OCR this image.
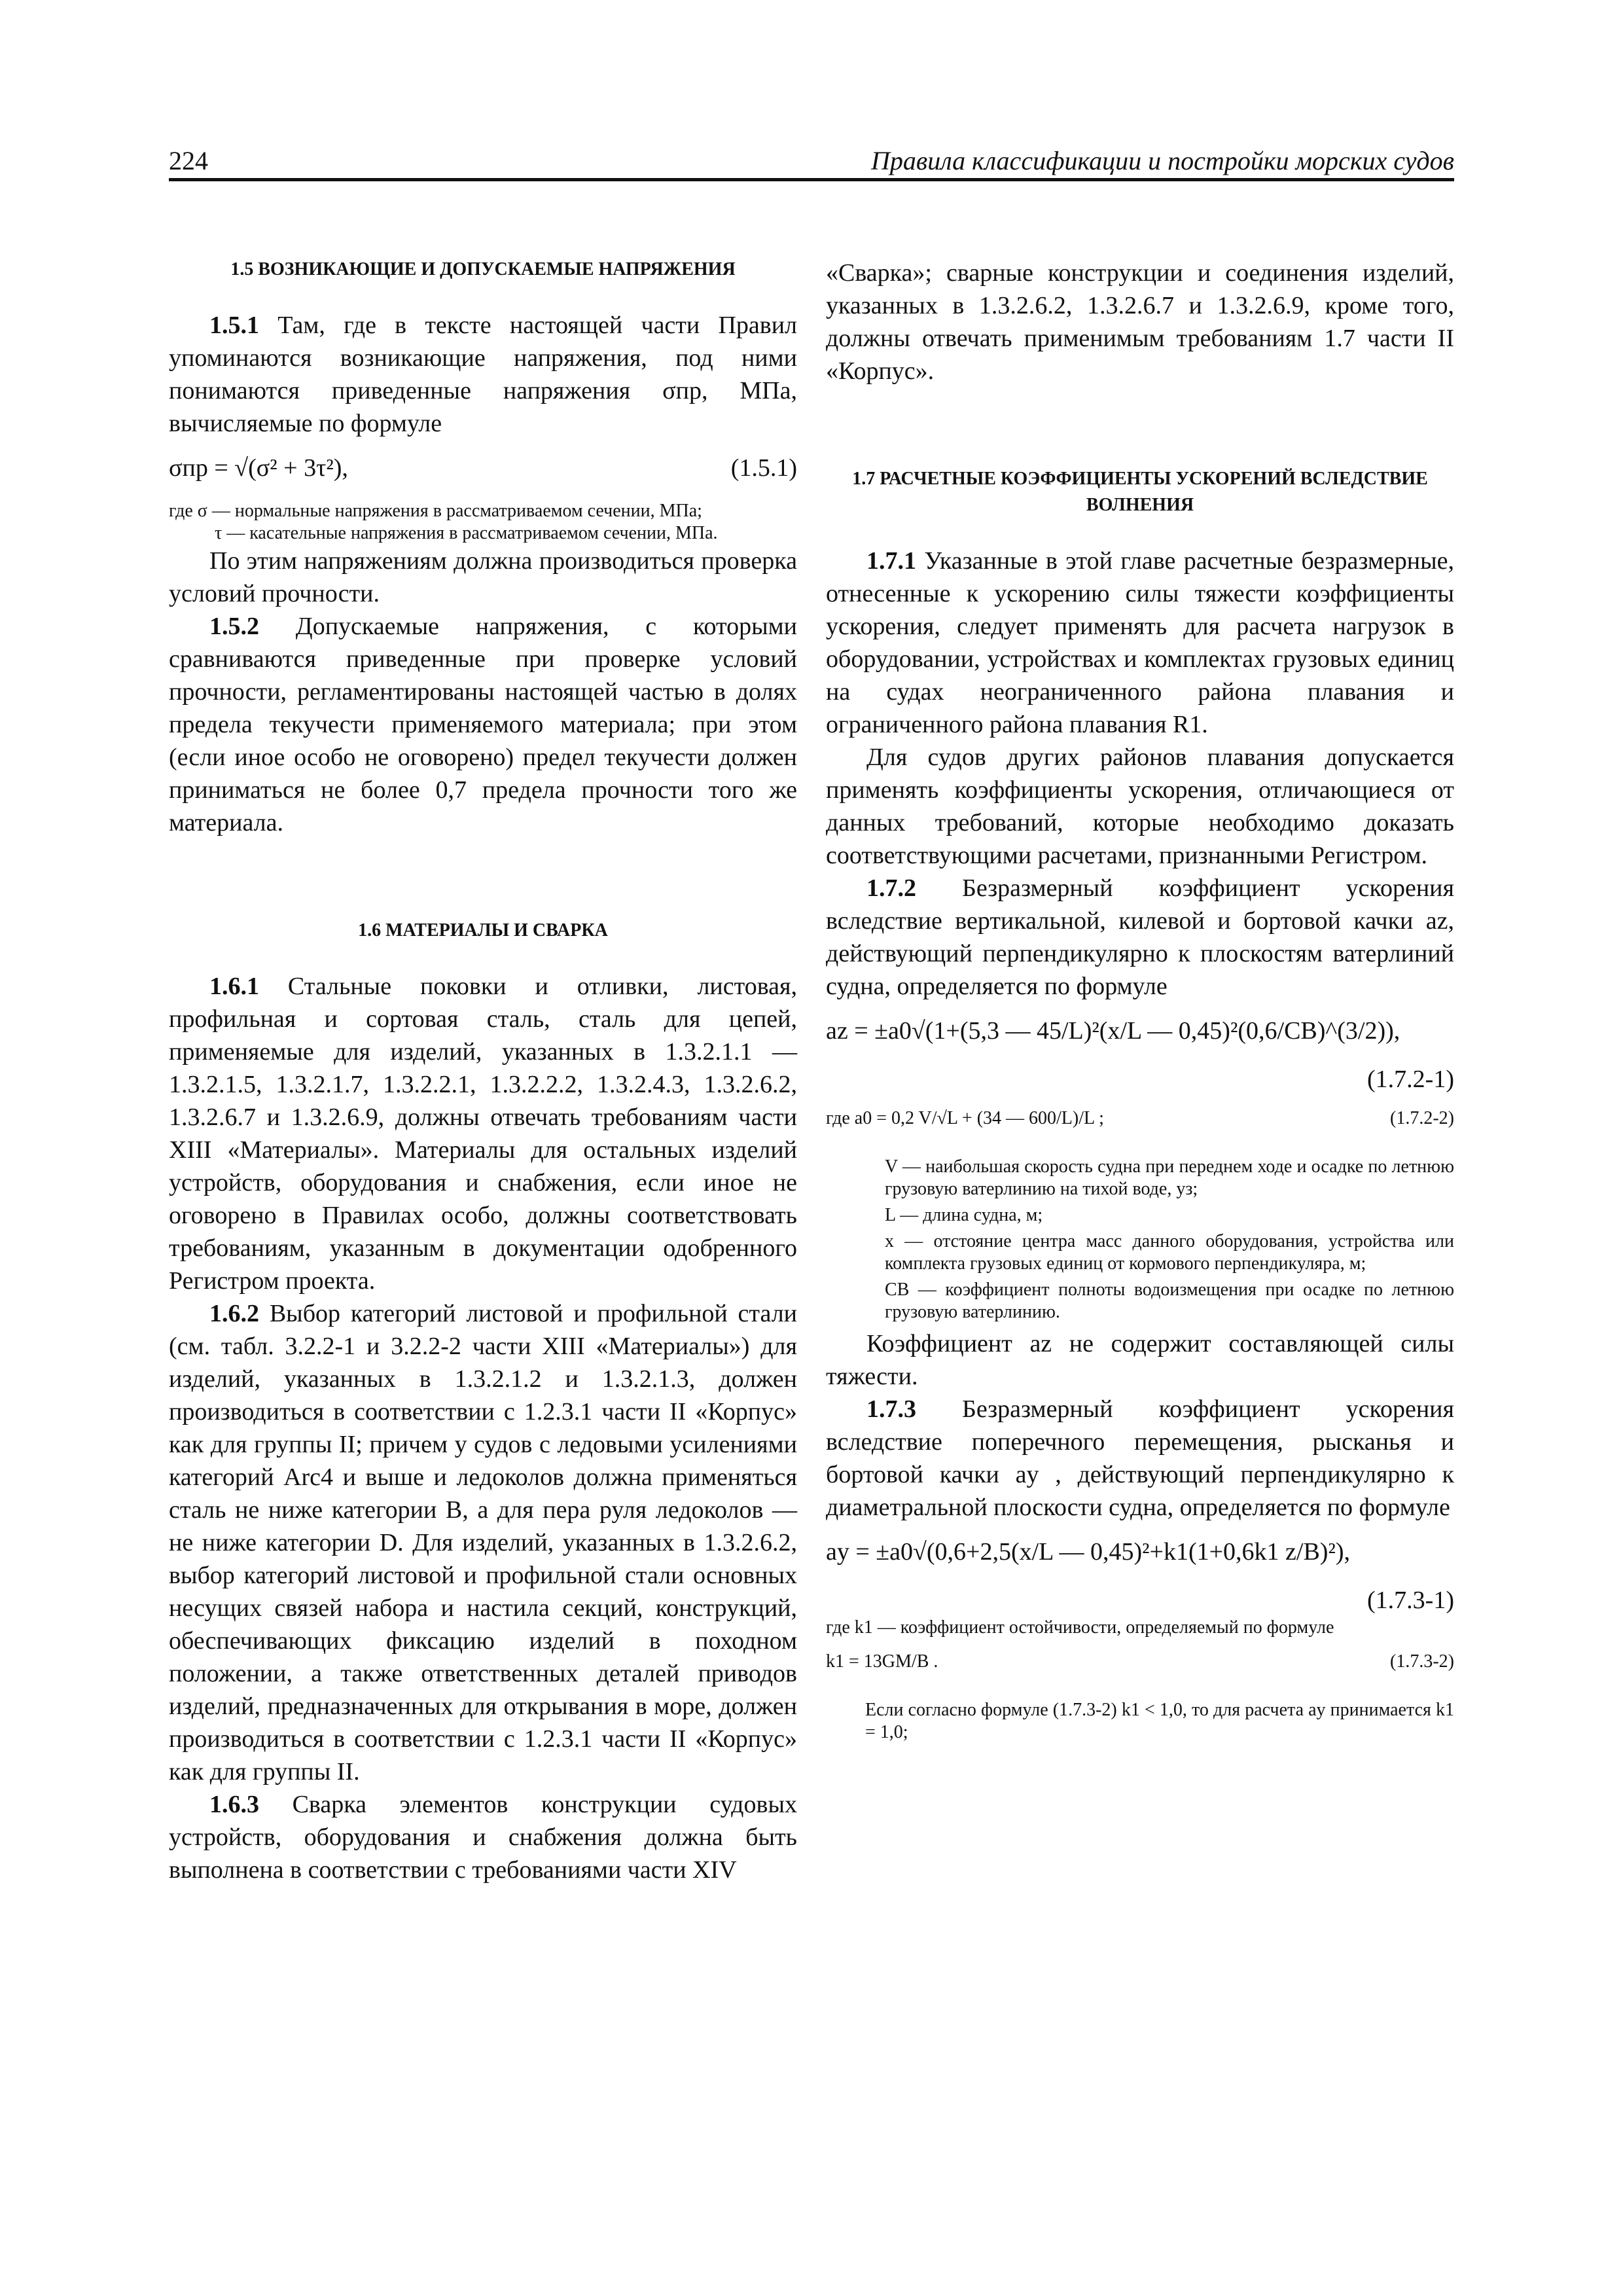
224	Правила классификации и постройки морских судов
1.5 ВОЗНИКАЮЩИЕ И ДОПУСКАЕМЫЕ НАПРЯЖЕНИЯ

1.5.1 Там, где в тексте настоящей части Правил упоминаются возникающие напряжения, под ними понимаются приведенные напряжения σпр, МПа, вычисляемые по формуле

σпр = √(σ² + 3τ²),	(1.5.1)
где σ — нормальные напряжения в рассматриваемом сечении, МПа;
τ — касательные напряжения в рассматриваемом сечении, МПа.

По этим напряжениям должна производиться проверка условий прочности.

1.5.2 Допускаемые напряжения, с которыми сравниваются приведенные при проверке условий прочности, регламентированы настоящей частью в долях предела текучести применяемого материала; при этом (если иное особо не оговорено) предел текучести должен приниматься не более 0,7 предела прочности того же материала.

1.6 МАТЕРИАЛЫ И СВАРКА

1.6.1 Стальные поковки и отливки, листовая, профильная и сортовая сталь, сталь для цепей, применяемые для изделий, указанных в 1.3.2.1.1 — 1.3.2.1.5, 1.3.2.1.7, 1.3.2.2.1, 1.3.2.2.2, 1.3.2.4.3, 1.3.2.6.2, 1.3.2.6.7 и 1.3.2.6.9, должны отвечать требованиям части XIII «Материалы». Материалы для остальных изделий устройств, оборудования и снабжения, если иное не оговорено в Правилах особо, должны соответствовать требованиям, указанным в документации одобренного Регистром проекта.

1.6.2 Выбор категорий листовой и профильной стали (см. табл. 3.2.2-1 и 3.2.2-2 части XIII «Материалы») для изделий, указанных в 1.3.2.1.2 и 1.3.2.1.3, должен производиться в соответствии с 1.2.3.1 части II «Корпус» как для группы II; причем у судов с ледовыми усилениями категорий Arc4 и выше и ледоколов должна применяться сталь не ниже категории В, а для пера руля ледоколов — не ниже категории D. Для изделий, указанных в 1.3.2.6.2, выбор категорий листовой и профильной стали основных несущих связей набора и настила секций, конструкций, обеспечивающих фиксацию изделий в походном положении, а также ответственных деталей приводов изделий, предназначенных для открывания в море, должен производиться в соответствии с 1.2.3.1 части II «Корпус» как для группы II.

1.6.3 Сварка элементов конструкции судовых устройств, оборудования и снабжения должна быть выполнена в соответствии с требованиями части XIV

«Сварка»; сварные конструкции и соединения изделий, указанных в 1.3.2.6.2, 1.3.2.6.7 и 1.3.2.6.9, кроме того, должны отвечать применимым требованиям 1.7 части II «Корпус».

1.7 РАСЧЕТНЫЕ КОЭФФИЦИЕНТЫ УСКОРЕНИЙ ВСЛЕДСТВИЕ ВОЛНЕНИЯ

1.7.1 Указанные в этой главе расчетные безразмерные, отнесенные к ускорению силы тяжести коэффициенты ускорения, следует применять для расчета нагрузок в оборудовании, устройствах и комплектах грузовых единиц на судах неограниченного района плавания и ограниченного района плавания R1.

Для судов других районов плавания допускается применять коэффициенты ускорения, отличающиеся от данных требований, которые необходимо доказать соответствующими расчетами, признанными Регистром.

1.7.2 Безразмерный коэффициент ускорения вследствие вертикальной, килевой и бортовой качки az, действующий перпендикулярно к плоскостям ватерлиний судна, определяется по формуле

az = ±a0√(1+(5,3 — 45/L)²(x/L — 0,45)²(0,6/CB)^(3/2)),
(1.7.2-1)
где a0 = 0,2 V/√L + (34 — 600/L)/L ;	(1.7.2-2)
V — наибольшая скорость судна при переднем ходе и осадке по летнюю грузовую ватерлинию на тихой воде, уз;
L — длина судна, м;
x — отстояние центра масс данного оборудования, устройства или комплекта грузовых единиц от кормового перпендикуляра, м;
CB — коэффициент полноты водоизмещения при осадке по летнюю грузовую ватерлинию.

Коэффициент az не содержит составляющей силы тяжести.

1.7.3 Безразмерный коэффициент ускорения вследствие поперечного перемещения, рысканья и бортовой качки ay , действующий перпендикулярно к диаметральной плоскости судна, определяется по формуле

ay = ±a0√(0,6+2,5(x/L — 0,45)²+k1(1+0,6k1 z/B)²),
(1.7.3-1)
где k1 — коэффициент остойчивости, определяемый по формуле
k1 = 13GM/B .	(1.7.3-2)
Если согласно формуле (1.7.3-2) k1 < 1,0, то для расчета ay принимается k1 = 1,0;
